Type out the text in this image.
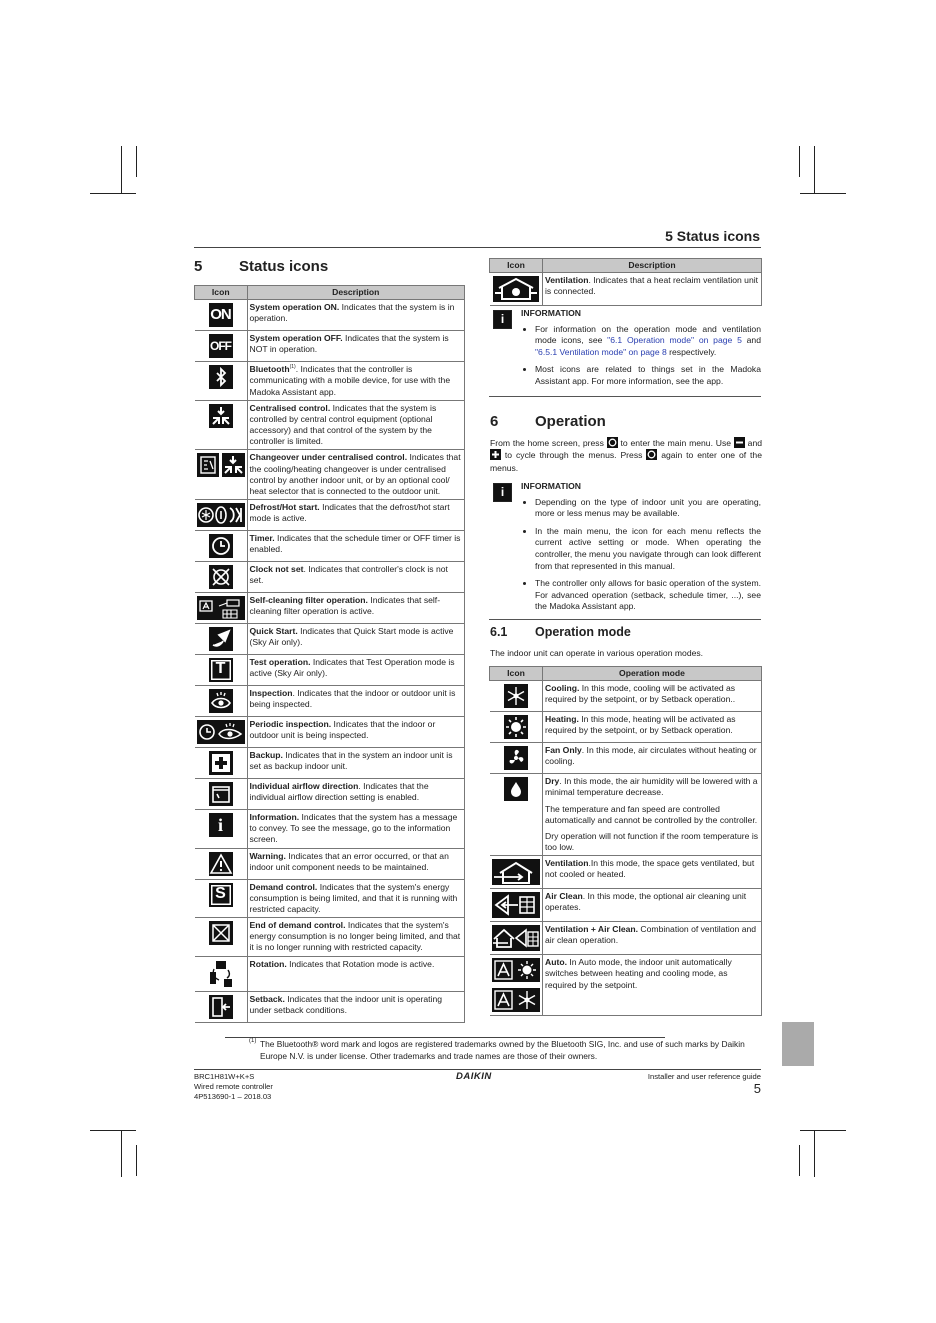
5 Status icons
5 Status icons
Icon	Description
ON	System operation ON. Indicates that the system is in operation.
OFF	System operation OFF. Indicates that the system is NOT in operation.

	Bluetooth$^{(1)}$. Indicates that the controller is communicating with a mobile device, for use with the Madoka Assistant app.

	Centralised control. Indicates that the system is controlled by central control equipment (optional accessory) and that control of the system by the controller is limited.

	Changeover under centralised control. Indicates that the cooling/heating changeover is under centralised control by another indoor unit, or by an optional cool/ heat selector that is connected to the outdoor unit.

	Defrost/Hot start. Indicates that the defrost/hot start mode is active.

	Timer. Indicates that the schedule timer or OFF timer is enabled.

	Clock not set. Indicates that controller's clock is not set.

	Self-cleaning filter operation. Indicates that self-cleaning filter operation is active.

	Quick Start. Indicates that Quick Start mode is active (Sky Air only).
T	Test operation. Indicates that Test Operation mode is active (Sky Air only).

	Inspection. Indicates that the indoor or outdoor unit is being inspected.

	Periodic inspection. Indicates that the indoor or outdoor unit is being inspected.

	Backup. Indicates that in the system an indoor unit is set as backup indoor unit.

	Individual airflow direction. Indicates that the individual airflow direction setting is enabled.
i	Information. Indicates that the system has a message to convey. To see the message, go to the information screen.

	Warning. Indicates that an error occurred, or that an indoor unit component needs to be maintained.
S	Demand control. Indicates that the system's energy consumption is being limited, and that it is running with restricted capacity.

	End of demand control. Indicates that the system's energy consumption is no longer being limited, and that it is no longer running with restricted capacity.

	Rotation. Indicates that Rotation mode is active.

	Setback. Indicates that the indoor unit is operating under setback conditions.
Icon	Description

	Ventilation. Indicates that a heat reclaim ventilation unit is connected.
i	INFORMATION
• For information on the operation mode and ventilation mode icons, see "6.1 Operation mode" on page 5 and "6.5.1 Ventilation mode" on page 8 respectively.
• Most icons are related to things set in the Madoka Assistant app. For more information, see the app.
6 Operation
From the home screen, press to enter the main menu. Use and
to cycle through the menus. Press again to enter one of the menus.
i	INFORMATION
• Depending on the type of indoor unit you are operating, more or less menus may be available.
• In the main menu, the icon for each menu reflects the current active setting or mode. When operating the controller, the menu you navigate through can look different from that represented in this manual.
• The controller only allows for basic operation of the system. For advanced operation (setback, schedule timer, ...), see the Madoka Assistant app.
6.1 Operation mode
The indoor unit can operate in various operation modes.
Icon	Operation mode

	Cooling. In this mode, cooling will be activated as required by the setpoint, or by Setback operation..

	Heating. In this mode, heating will be activated as required by the setpoint, or by Setback operation.

	Fan Only. In this mode, air circulates without heating or cooling.

	Dry. In this mode, the air humidity will be lowered with a minimal temperature decrease.
The temperature and fan speed are controlled automatically and cannot be controlled by the controller.
Dry operation will not function if the room temperature is too low.

	Ventilation.In this mode, the space gets ventilated, but not cooled or heated.

	Air Clean. In this mode, the optional air cleaning unit operates.

	Ventilation + Air Clean. Combination of ventilation and air clean operation.

	Auto. In Auto mode, the indoor unit automatically switches between heating and cooling mode, as required by the setpoint.
(1) The Bluetooth® word mark and logos are registered trademarks owned by the Bluetooth SIG, Inc. and use of such marks by Daikin Europe N.V. is under license. Other trademarks and trade names are those of their owners.
BRC1H81W+K+S
Wired remote controller
4P513690-1 – 2018.03
DAIKIN	Installer and user reference guide
5
